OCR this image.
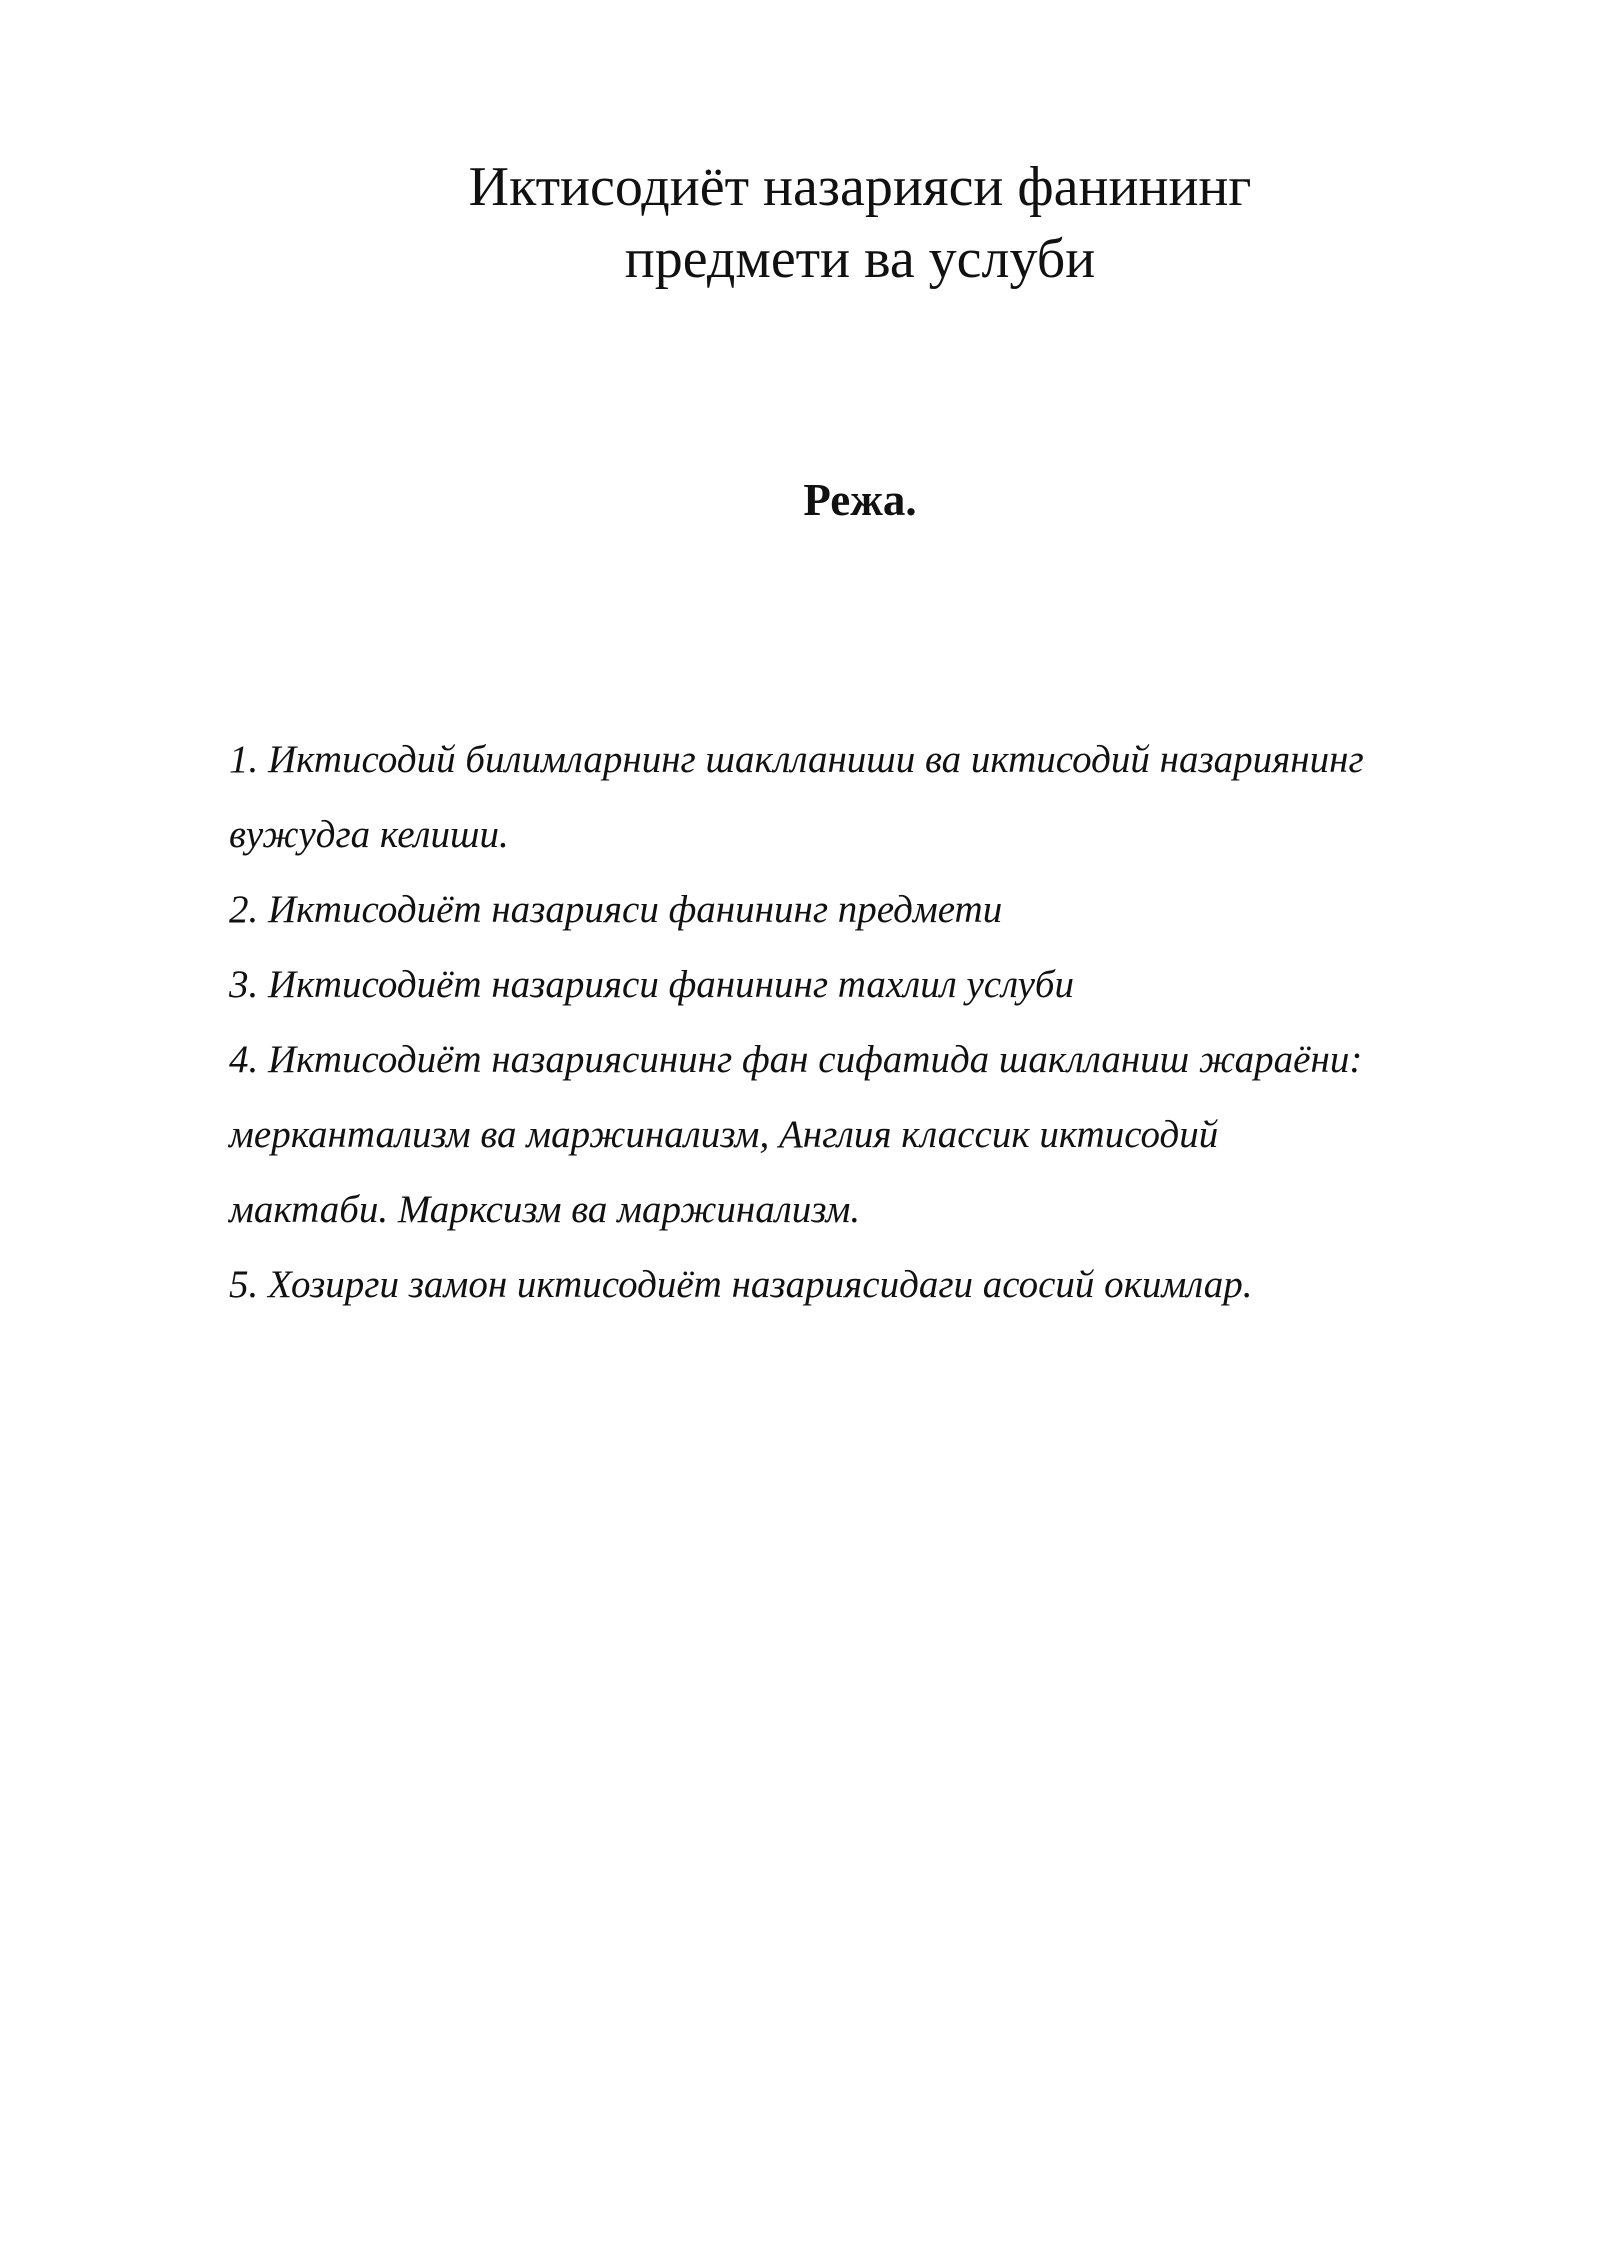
Иктисодиёт назарияси фанининг
предмети ва услуби
Режа.
1. Иктисодий билимларнинг шаклланиши ва иктисодий назариянинг
вужудга келиши.
2. Иктисодиёт назарияси фанининг предмети
3. Иктисодиёт назарияси фанининг тахлил услуби
4. Иктисодиёт назариясининг фан сифатида шаклланиш жараёни:
меркантализм ва маржинализм, Англия классик иктисодий
мактаби. Марксизм ва маржинализм.
5. Хозирги замон иктисодиёт назариясидаги асосий окимлар.
